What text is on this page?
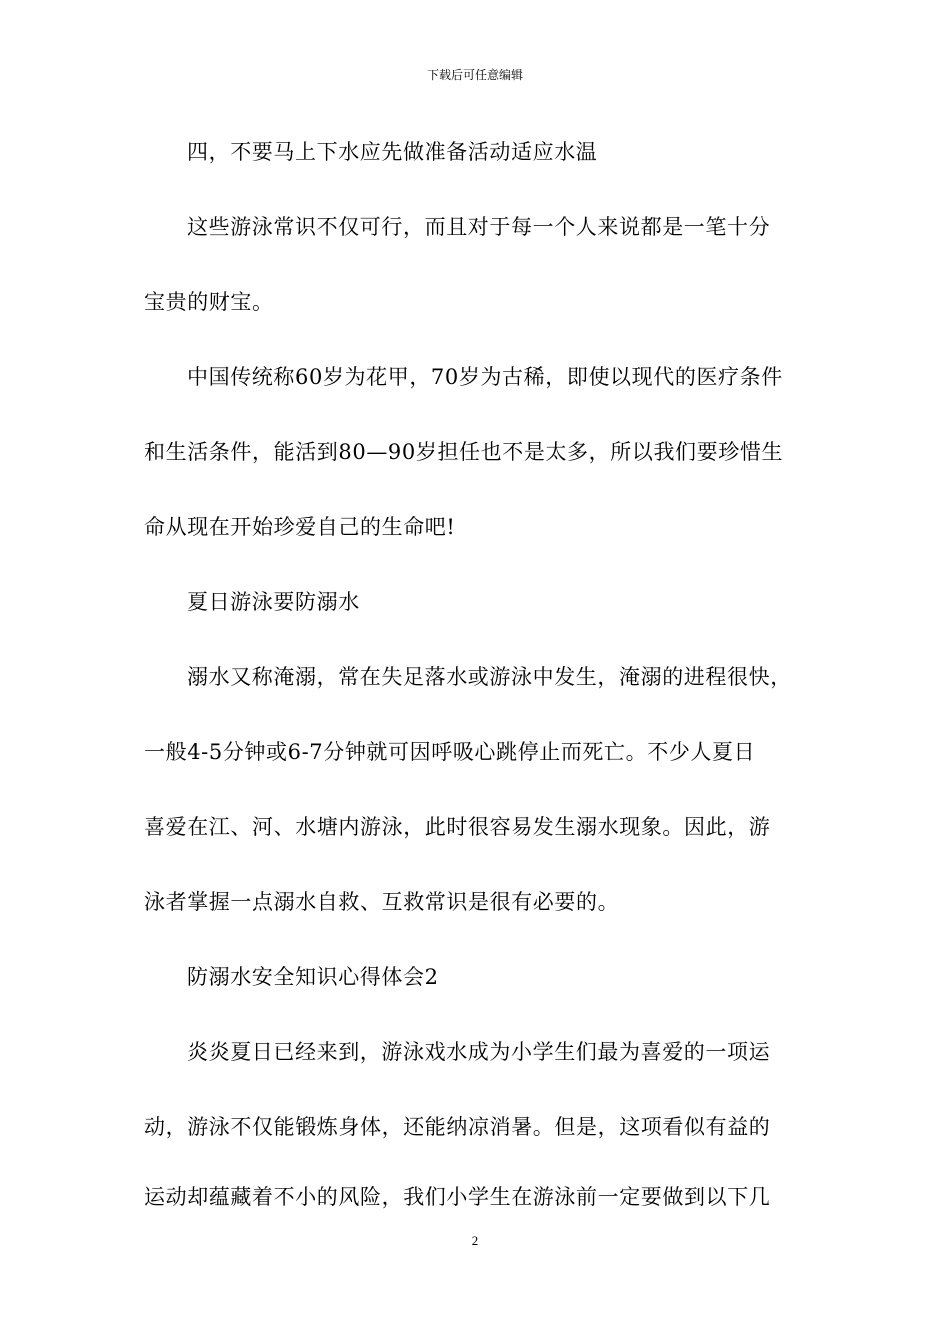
下载后可任意编辑
四，不要马上下水应先做准备活动适应水温
这些游泳常识不仅可行，而且对于每一个人来说都是一笔十分
宝贵的财宝。
中国传统称60岁为花甲，70岁为古稀，即使以现代的医疗条件
和生活条件，能活到80—90岁担任也不是太多，所以我们要珍惜生
命从现在开始珍爱自己的生命吧!
夏日游泳要防溺水
溺水又称淹溺，常在失足落水或游泳中发生，淹溺的进程很快，
一般4-5分钟或6-7分钟就可因呼吸心跳停止而死亡。不少人夏日
喜爱在江、河、水塘内游泳，此时很容易发生溺水现象。因此，游
泳者掌握一点溺水自救、互救常识是很有必要的。
防溺水安全知识心得体会2
炎炎夏日已经来到，游泳戏水成为小学生们最为喜爱的一项运
动，游泳不仅能锻炼身体，还能纳凉消暑。但是，这项看似有益的
运动却蕴藏着不小的风险，我们小学生在游泳前一定要做到以下几
2
